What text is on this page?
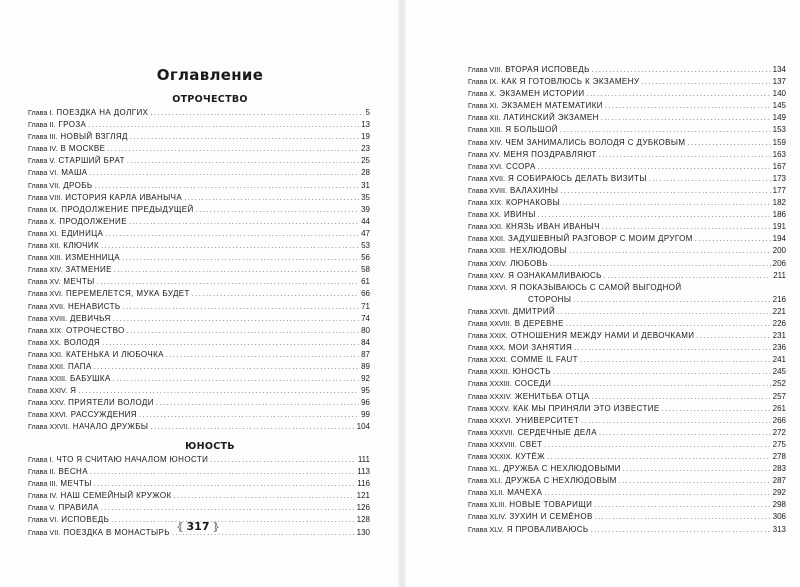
Оглавление
ОТРОЧЕСТВО
Глава I. ПОЕЗДКА НА ДОЛГИХ .....	5
Глава II. ГРОЗА .....	13
Глава III. НОВЫЙ ВЗГЛЯД .....	19
Глава IV. В МОСКВЕ .....	23
Глава V. СТАРШИЙ БРАТ .....	25
Глава VI. МАША .....	28
Глава VII. ДРОБЬ .....	31
Глава VIII. ИСТОРИЯ КАРЛА ИВАНЫЧА .....	35
Глава IX. ПРОДОЛЖЕНИЕ ПРЕДЫДУЩЕЙ .....	39
Глава X. ПРОДОЛЖЕНИЕ .....	44
Глава XI. ЕДИНИЦА .....	47
Глава XII. КЛЮЧИК .....	53
Глава XIII. ИЗМЕННИЦА .....	56
Глава XIV. ЗАТМЕНИЕ .....	58
Глава XV. МЕЧТЫ .....	61
Глава XVI. ПЕРЕМЕЛЕТСЯ, МУКА БУДЕТ .....	66
Глава XVII. НЕНАВИСТЬ .....	71
Глава XVIII. ДЕВИЧЬЯ .....	74
Глава XIX. ОТРОЧЕСТВО .....	80
Глава XX. ВОЛОДЯ .....	84
Глава XXI. КАТЕНЬКА И ЛЮБОЧКА .....	87
Глава XXII. ПАПА .....	89
Глава XXIII. БАБУШКА .....	92
Глава XXIV. Я .....	95
Глава XXV. ПРИЯТЕЛИ ВОЛОДИ .....	96
Глава XXVI. РАССУЖДЕНИЯ .....	99
Глава XXVII. НАЧАЛО ДРУЖБЫ .....	104
ЮНОСТЬ
Глава I. ЧТО Я СЧИТАЮ НАЧАЛОМ ЮНОСТИ .....	111
Глава II. ВЕСНА .....	113
Глава III. МЕЧТЫ .....	116
Глава IV. НАШ СЕМЕЙНЫЙ КРУЖОК .....	121
Глава V. ПРАВИЛА .....	126
Глава VI. ИСПОВЕДЬ .....	128
Глава VII. ПОЕЗДКА В МОНАСТЫРЬ .....	130
⦃ 317 ⦄
Глава VIII. ВТОРАЯ ИСПОВЕДЬ .....	134
Глава IX. КАК Я ГОТОВЛЮСЬ К ЭКЗАМЕНУ .....	137
Глава X. ЭКЗАМЕН ИСТОРИИ .....	140
Глава XI. ЭКЗАМЕН МАТЕМАТИКИ .....	145
Глава XII. ЛАТИНСКИЙ ЭКЗАМЕН .....	149
Глава XIII. Я БОЛЬШОЙ .....	153
Глава XIV. ЧЕМ ЗАНИМАЛИСЬ ВОЛОДЯ С ДУБКОВЫМ .....	159
Глава XV. МЕНЯ ПОЗДРАВЛЯЮТ .....	163
Глава XVI. ССОРА .....	167
Глава XVII. Я СОБИРАЮСЬ ДЕЛАТЬ ВИЗИТЫ .....	173
Глава XVIII. ВАЛАХИНЫ .....	177
Глава XIX. КОРНАКОВЫ .....	182
Глава XX. ИВИНЫ .....	186
Глава XXI. КНЯЗЬ ИВАН ИВАНЫЧ .....	191
Глава XXII. ЗАДУШЕВНЫЙ РАЗГОВОР С МОИМ ДРУГОМ .....	194
Глава XXIII. НЕХЛЮДОВЫ .....	200
Глава XXIV. ЛЮБОВЬ .....	206
Глава XXV. Я ОЗНАКАМЛИВАЮСЬ .....	211
Глава XXVI. Я ПОКАЗЫВАЮСЬ С САМОЙ ВЫГОДНОЙ
СТОРОНЫ .....	216
Глава XXVII. ДМИТРИЙ .....	221
Глава XXVIII. В ДЕРЕВНЕ .....	226
Глава XXIX. ОТНОШЕНИЯ МЕЖДУ НАМИ И ДЕВОЧКАМИ .....	231
Глава XXX. МОИ ЗАНЯТИЯ .....	236
Глава XXXI. COMME IL FAUT .....	241
Глава XXXII. ЮНОСТЬ .....	245
Глава XXXIII. СОСЕДИ .....	252
Глава XXXIV. ЖЕНИТЬБА ОТЦА .....	257
Глава XXXV. КАК МЫ ПРИНЯЛИ ЭТО ИЗВЕСТИЕ .....	261
Глава XXXVI. УНИВЕРСИТЕТ .....	266
Глава XXXVII. СЕРДЕЧНЫЕ ДЕЛА .....	272
Глава XXXVIII. СВЕТ .....	275
Глава XXXIX. КУТЁЖ .....	278
Глава XL. ДРУЖБА С НЕХЛЮДОВЫМИ .....	283
Глава XLI. ДРУЖБА С НЕХЛЮДОВЫМ .....	287
Глава XLII. МАЧЕХА .....	292
Глава XLIII. НОВЫЕ ТОВАРИЩИ .....	298
Глава XLIV. ЗУХИН И СЕМЁНОВ .....	306
Глава XLV. Я ПРОВАЛИВАЮСЬ .....	313
